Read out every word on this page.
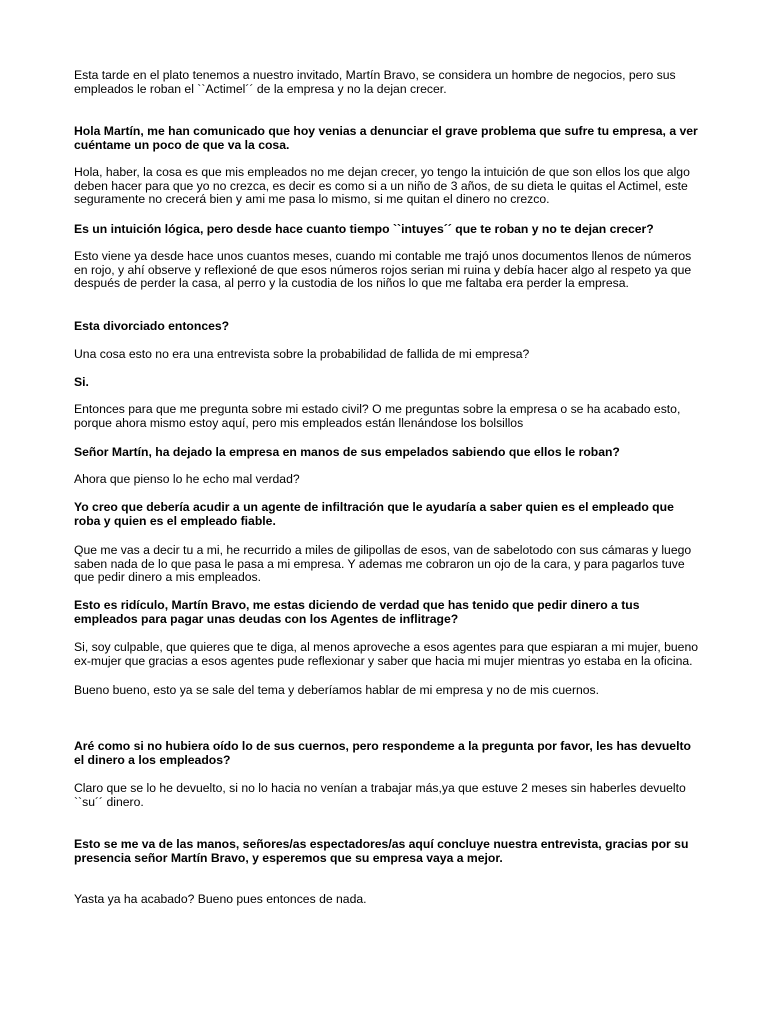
Esta tarde en el plato tenemos a nuestro invitado, Martín Bravo, se considera un hombre de negocios, pero sus empleados le roban el ``Actimel´´ de la empresa y no la dejan crecer.

Hola Martín, me han comunicado que hoy venias a denunciar el grave problema que sufre tu empresa, a ver cuéntame un poco de que va la cosa.

Hola, haber, la cosa es que mis empleados no me dejan crecer, yo tengo la intuición de que son ellos los que algo deben hacer para que yo no crezca, es decir es como si a un niño de 3 años, de su dieta le quitas el Actimel, este seguramente no crecerá bien y ami me pasa lo mismo, si me quitan el dinero no crezco.

Es un intuición lógica, pero desde hace cuanto tiempo ``intuyes´´ que te roban y no te dejan crecer?

Esto viene ya desde hace unos cuantos meses, cuando mi contable me trajó unos documentos llenos de números en rojo, y ahí observe y reflexioné de que esos números rojos serian mi ruina y debía hacer algo al respeto ya que después de perder la casa, al perro y la custodia de los niños lo que me faltaba era perder la empresa.

Esta divorciado entonces?

Una cosa esto no era una entrevista sobre la probabilidad de fallida de mi empresa?

Si.

Entonces para que me pregunta sobre mi estado civil? O me preguntas sobre la empresa o se ha acabado esto, porque ahora mismo estoy aquí, pero mis empleados están llenándose los bolsillos

Señor Martín, ha dejado la empresa en manos de sus empelados sabiendo que ellos le roban?

Ahora que pienso lo he echo mal verdad?

Yo creo que debería acudir a un agente de infiltración que le ayudaría a saber quien es el empleado que roba y quien es el empleado fiable.

Que me vas a decir tu a mi, he recurrido a miles de gilipollas de esos, van de sabelotodo con sus cámaras y luego saben nada de lo que pasa le pasa a mi empresa. Y ademas me cobraron un ojo de la cara, y para pagarlos tuve que pedir dinero a mis empleados.

Esto es ridículo, Martín Bravo, me estas diciendo de verdad que has tenido que pedir dinero a tus empleados para pagar unas deudas con los Agentes de inflitrage?

Si, soy culpable, que quieres que te diga, al menos aproveche a esos agentes para que espiaran a mi mujer, bueno ex-mujer que gracias a esos agentes pude reflexionar y saber que hacia mi mujer mientras yo estaba en la oficina.

Bueno bueno, esto ya se sale del tema y deberíamos hablar de mi empresa y no de mis cuernos.

Aré como si no hubiera oído lo de sus cuernos, pero respondeme a la pregunta por favor, les has devuelto el dinero a los empleados?

Claro que se lo he devuelto, si no lo hacia no venían a trabajar más,ya que estuve 2 meses sin haberles devuelto ``su´´ dinero.

Esto se me va de las manos, señores/as espectadores/as aquí concluye nuestra entrevista, gracias por su presencia señor Martín Bravo, y esperemos que su empresa vaya a mejor.

Yasta ya ha acabado? Bueno pues entonces de nada.
